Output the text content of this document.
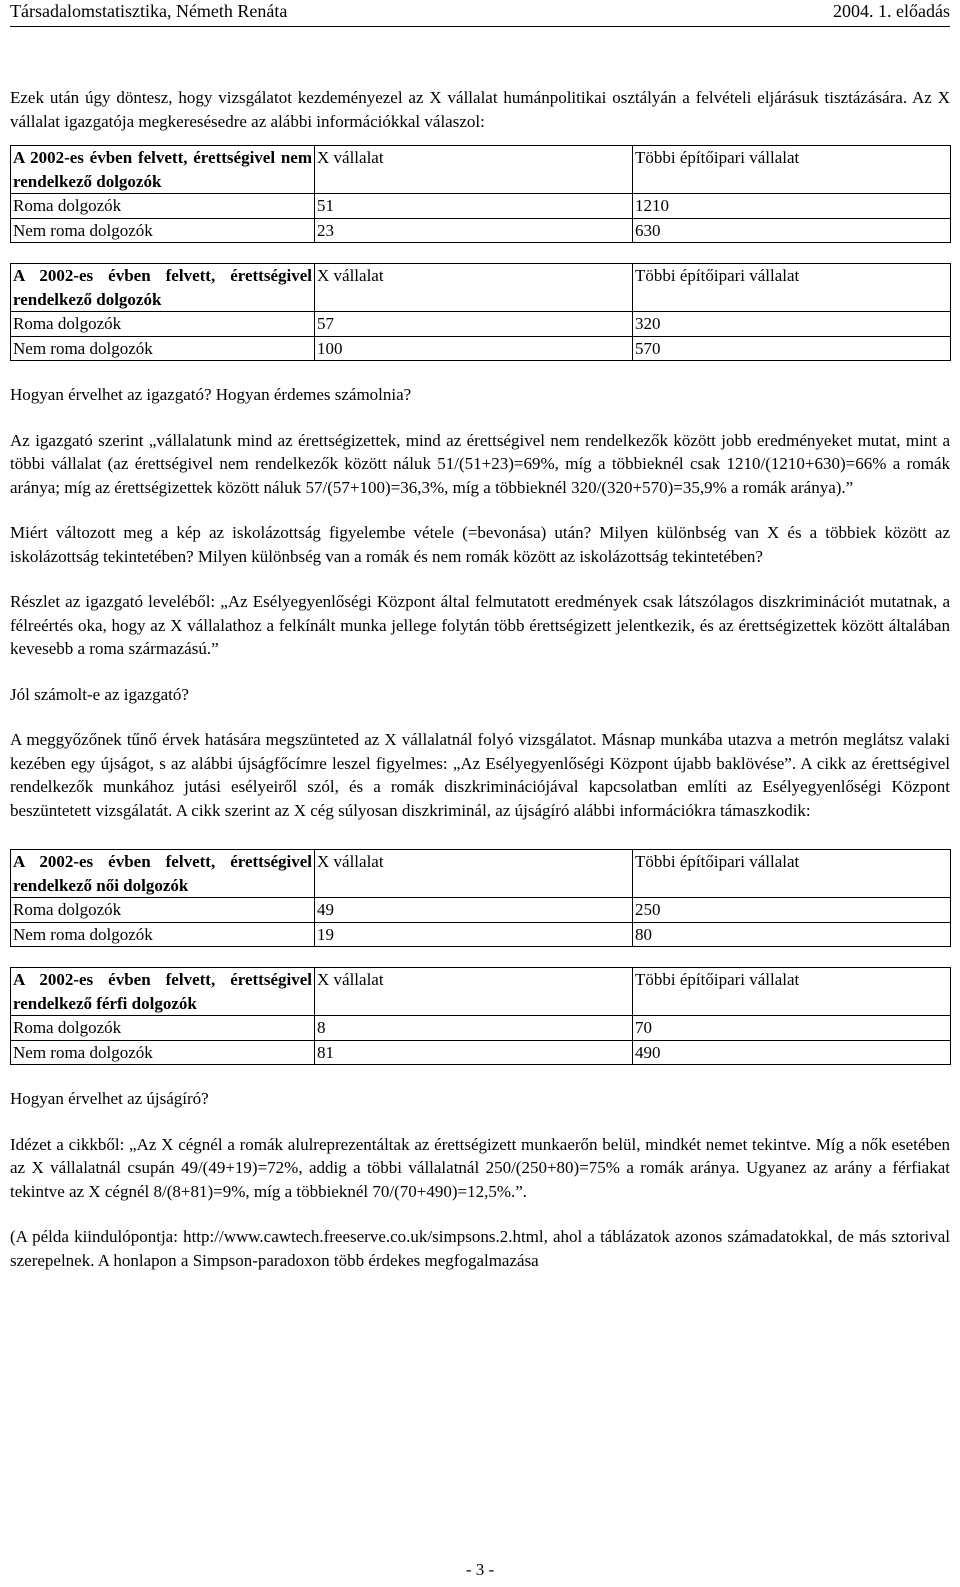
Társadalomstatisztika, Németh Renáta	2004. 1. előadás

Ezek után úgy döntesz, hogy vizsgálatot kezdeményezel az X vállalat humánpolitikai osztályán a felvételi eljárásuk tisztázására. Az X vállalat igazgatója megkeresésedre az alábbi információkkal válaszol:

A 2002-es évben felvett, érettségivel nem rendelkező dolgozók	X vállalat	Többi építőipari vállalat
Roma dolgozók	51	1210
Nem roma dolgozók	23	630
A 2002-es évben felvett, érettségivel rendelkező dolgozók	X vállalat	Többi építőipari vállalat
Roma dolgozók	57	320
Nem roma dolgozók	100	570

Hogyan érvelhet az igazgató? Hogyan érdemes számolnia?

Az igazgató szerint „vállalatunk mind az érettségizettek, mind az érettségivel nem rendelkezők között jobb eredményeket mutat, mint a többi vállalat (az érettségivel nem rendelkezők között náluk 51/(51+23)=69%, míg a többieknél csak 1210/(1210+630)=66% a romák aránya; míg az érettségizettek között náluk 57/(57+100)=36,3%, míg a többieknél 320/(320+570)=35,9% a romák aránya).”

Miért változott meg a kép az iskolázottság figyelembe vétele (=bevonása) után? Milyen különbség van X és a többiek között az iskolázottság tekintetében? Milyen különbség van a romák és nem romák között az iskolázottság tekintetében?

Részlet az igazgató leveléből: „Az Esélyegyenlőségi Központ által felmutatott eredmények csak látszólagos diszkriminációt mutatnak, a félreértés oka, hogy az X vállalathoz a felkínált munka jellege folytán több érettségizett jelentkezik, és az érettségizettek között általában kevesebb a roma származású.”

Jól számolt-e az igazgató?

A meggyőzőnek tűnő érvek hatására megszünteted az X vállalatnál folyó vizsgálatot. Másnap munkába utazva a metrón meglátsz valaki kezében egy újságot, s az alábbi újságfőcímre leszel figyelmes: „Az Esélyegyenlőségi Központ újabb baklövése”. A cikk az érettségivel rendelkezők munkához jutási esélyeiről szól, és a romák diszkriminációjával kapcsolatban említi az Esélyegyenlőségi Központ beszüntetett vizsgálatát. A cikk szerint az X cég súlyosan diszkriminál, az újságíró alábbi információkra támaszkodik:

A 2002-es évben felvett, érettségivel rendelkező női dolgozók	X vállalat	Többi építőipari vállalat
Roma dolgozók	49	250
Nem roma dolgozók	19	80
A 2002-es évben felvett, érettségivel rendelkező férfi dolgozók	X vállalat	Többi építőipari vállalat
Roma dolgozók	8	70
Nem roma dolgozók	81	490

Hogyan érvelhet az újságíró?

Idézet a cikkből: „Az X cégnél a romák alulreprezentáltak az érettségizett munkaerőn belül, mindkét nemet tekintve. Míg a nők esetében az X vállalatnál csupán 49/(49+19)=72%, addig a többi vállalatnál 250/(250+80)=75% a romák aránya. Ugyanez az arány a férfiakat tekintve az X cégnél 8/(8+81)=9%, míg a többieknél 70/(70+490)=12,5%.”.

(A példa kiindulópontja: http://www.cawtech.freeserve.co.uk/simpsons.2.html, ahol a táblázatok azonos számadatokkal, de más sztorival szerepelnek. A honlapon a Simpson-paradoxon több érdekes megfogalmazása

- 3 -
